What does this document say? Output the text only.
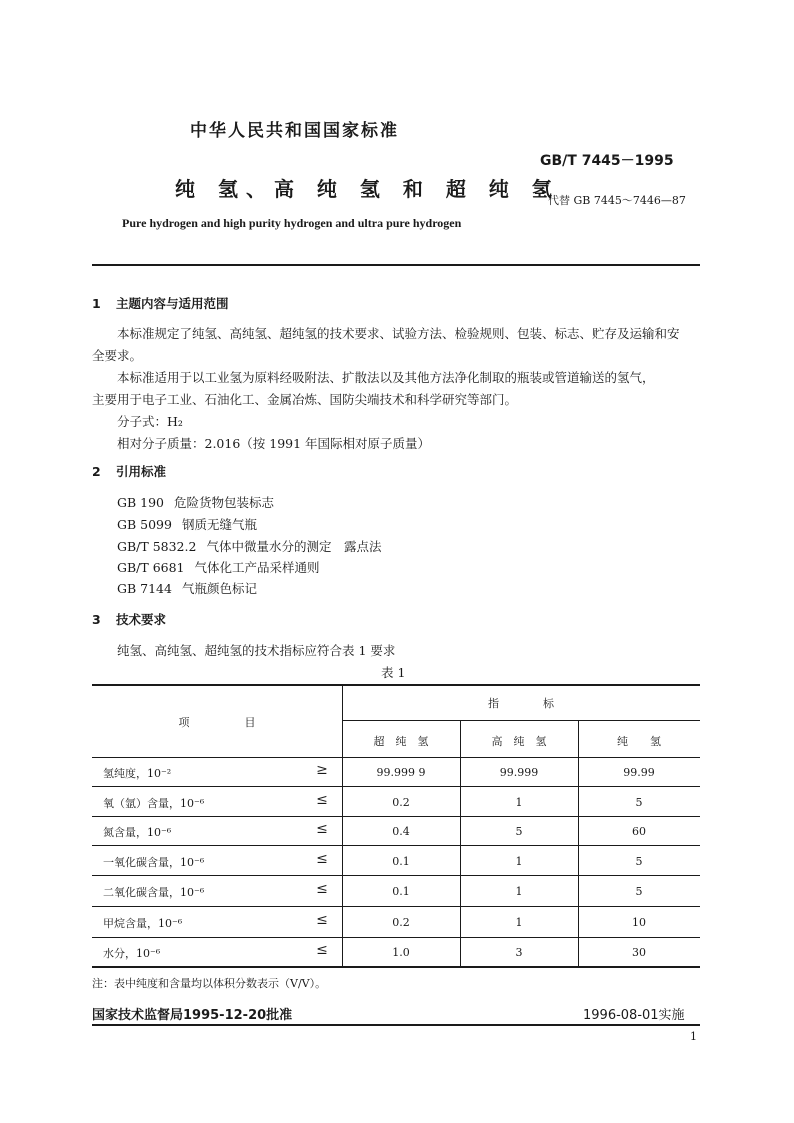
中华人民共和国国家标准
GB/T 7445－1995
纯 氢、高 纯 氢 和 超 纯 氢
代替 GB 7445～7446—87
Pure hydrogen and high purity hydrogen and ultra pure hydrogen
1 主题内容与适用范围
本标准规定了纯氢、高纯氢、超纯氢的技术要求、试验方法、检验规则、包装、标志、贮存及运输和安
全要求。
本标准适用于以工业氢为原料经吸附法、扩散法以及其他方法净化制取的瓶装或管道输送的氢气，
主要用于电子工业、石油化工、金属冶炼、国防尖端技术和科学研究等部门。
分子式：H₂
相对分子质量：2.016（按 1991 年国际相对原子质量）
2 引用标准
GB 190 危险货物包装标志
GB 5099 钢质无缝气瓶
GB/T 5832.2 气体中微量水分的测定　露点法
GB/T 6681 气体化工产品采样通则
GB 7144 气瓶颜色标记
3 技术要求
纯氢、高纯氢、超纯氢的技术指标应符合表 1 要求
表 1
项　　　　　目
指　　　　标
超　纯　氢	高　纯　氢	纯　　氢
氢纯度，10⁻²	≥	99.999 9	99.999	99.99
氧（氩）含量，10⁻⁶	≤	0.2	1	5
氮含量，10⁻⁶	≤	0.4	5	60
一氧化碳含量，10⁻⁶	≤	0.1	1	5
二氧化碳含量，10⁻⁶	≤	0.1	1	5
甲烷含量，10⁻⁶	≤	0.2	1	10
水分，10⁻⁶	≤	1.0	3	30
注：表中纯度和含量均以体积分数表示（V/V）。
国家技术监督局1995-12-20批准	1996-08-01实施
1
